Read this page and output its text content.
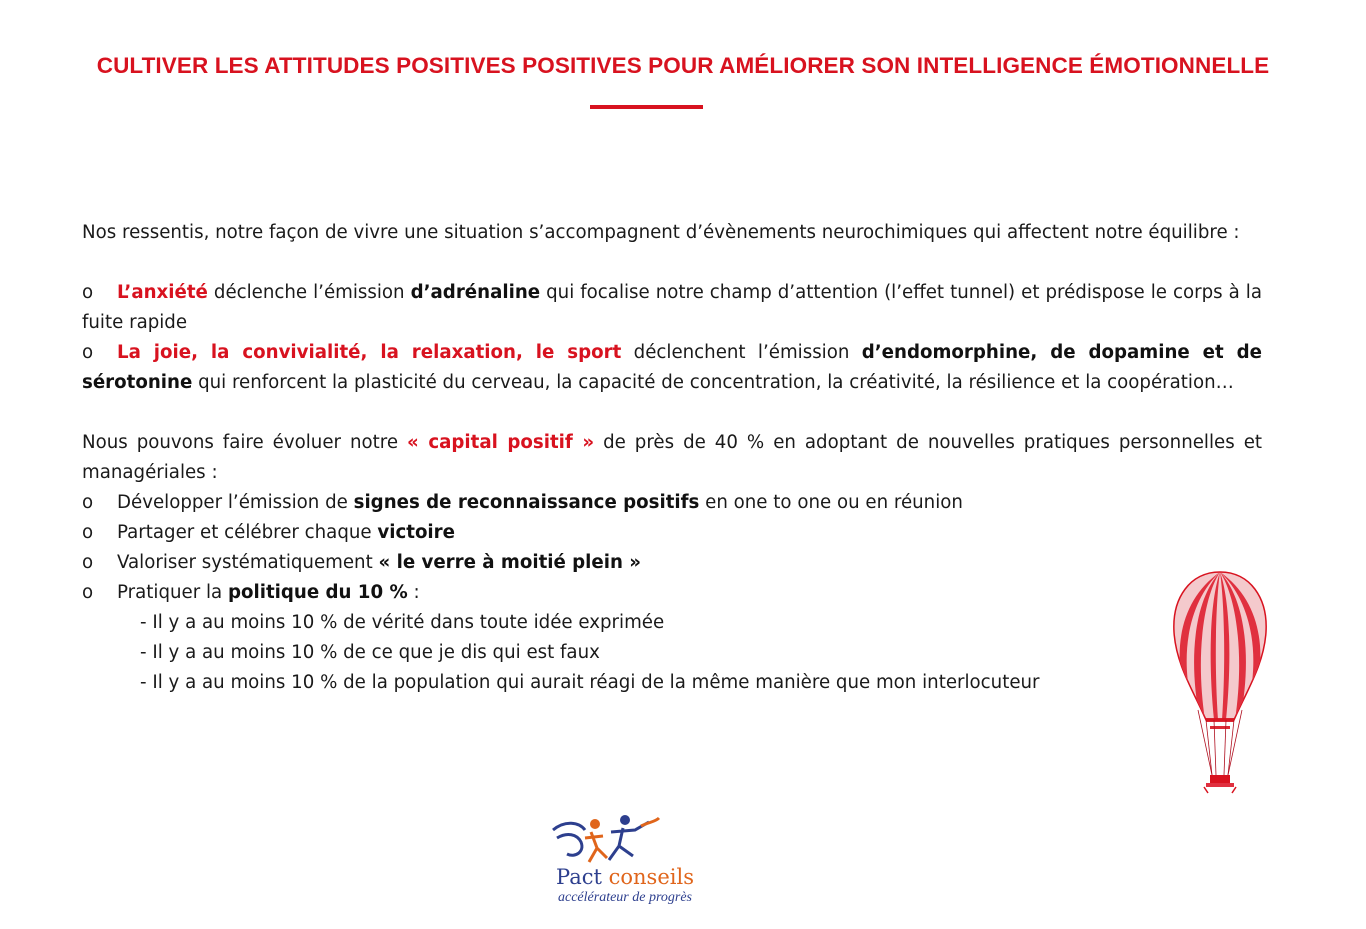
CULTIVER LES ATTITUDES POSITIVES POSITIVES POUR AMÉLIORER SON INTELLIGENCE ÉMOTIONNELLE

Nos ressentis, notre façon de vivre une situation s’accompagnent d’évènements neurochimiques qui affectent notre équilibre :

o L’anxiété déclenche l’émission d’adrénaline qui focalise notre champ d’attention (l’effet tunnel) et prédispose le corps à la fuite rapide

o La joie, la convivialité, la relaxation, le sport déclenchent l’émission d’endomorphine, de dopamine et de sérotonine qui renforcent la plasticité du cerveau, la capacité de concentration, la créativité, la résilience et la coopération…

Nous pouvons faire évoluer notre « capital positif » de près de 40 % en adoptant de nouvelles pratiques personnelles et managériales :

o Développer l’émission de signes de reconnaissance positifs en one to one ou en réunion

o Partager et célébrer chaque victoire

o Valoriser systématiquement « le verre à moitié plein »

o Pratiquer la politique du 10 % :

- Il y a au moins 10 % de vérité dans toute idée exprimée

- Il y a au moins 10 % de ce que je dis qui est faux

- Il y a au moins 10 % de la population qui aurait réagi de la même manière que mon interlocuteur

Pact conseils
accélérateur de progrès
